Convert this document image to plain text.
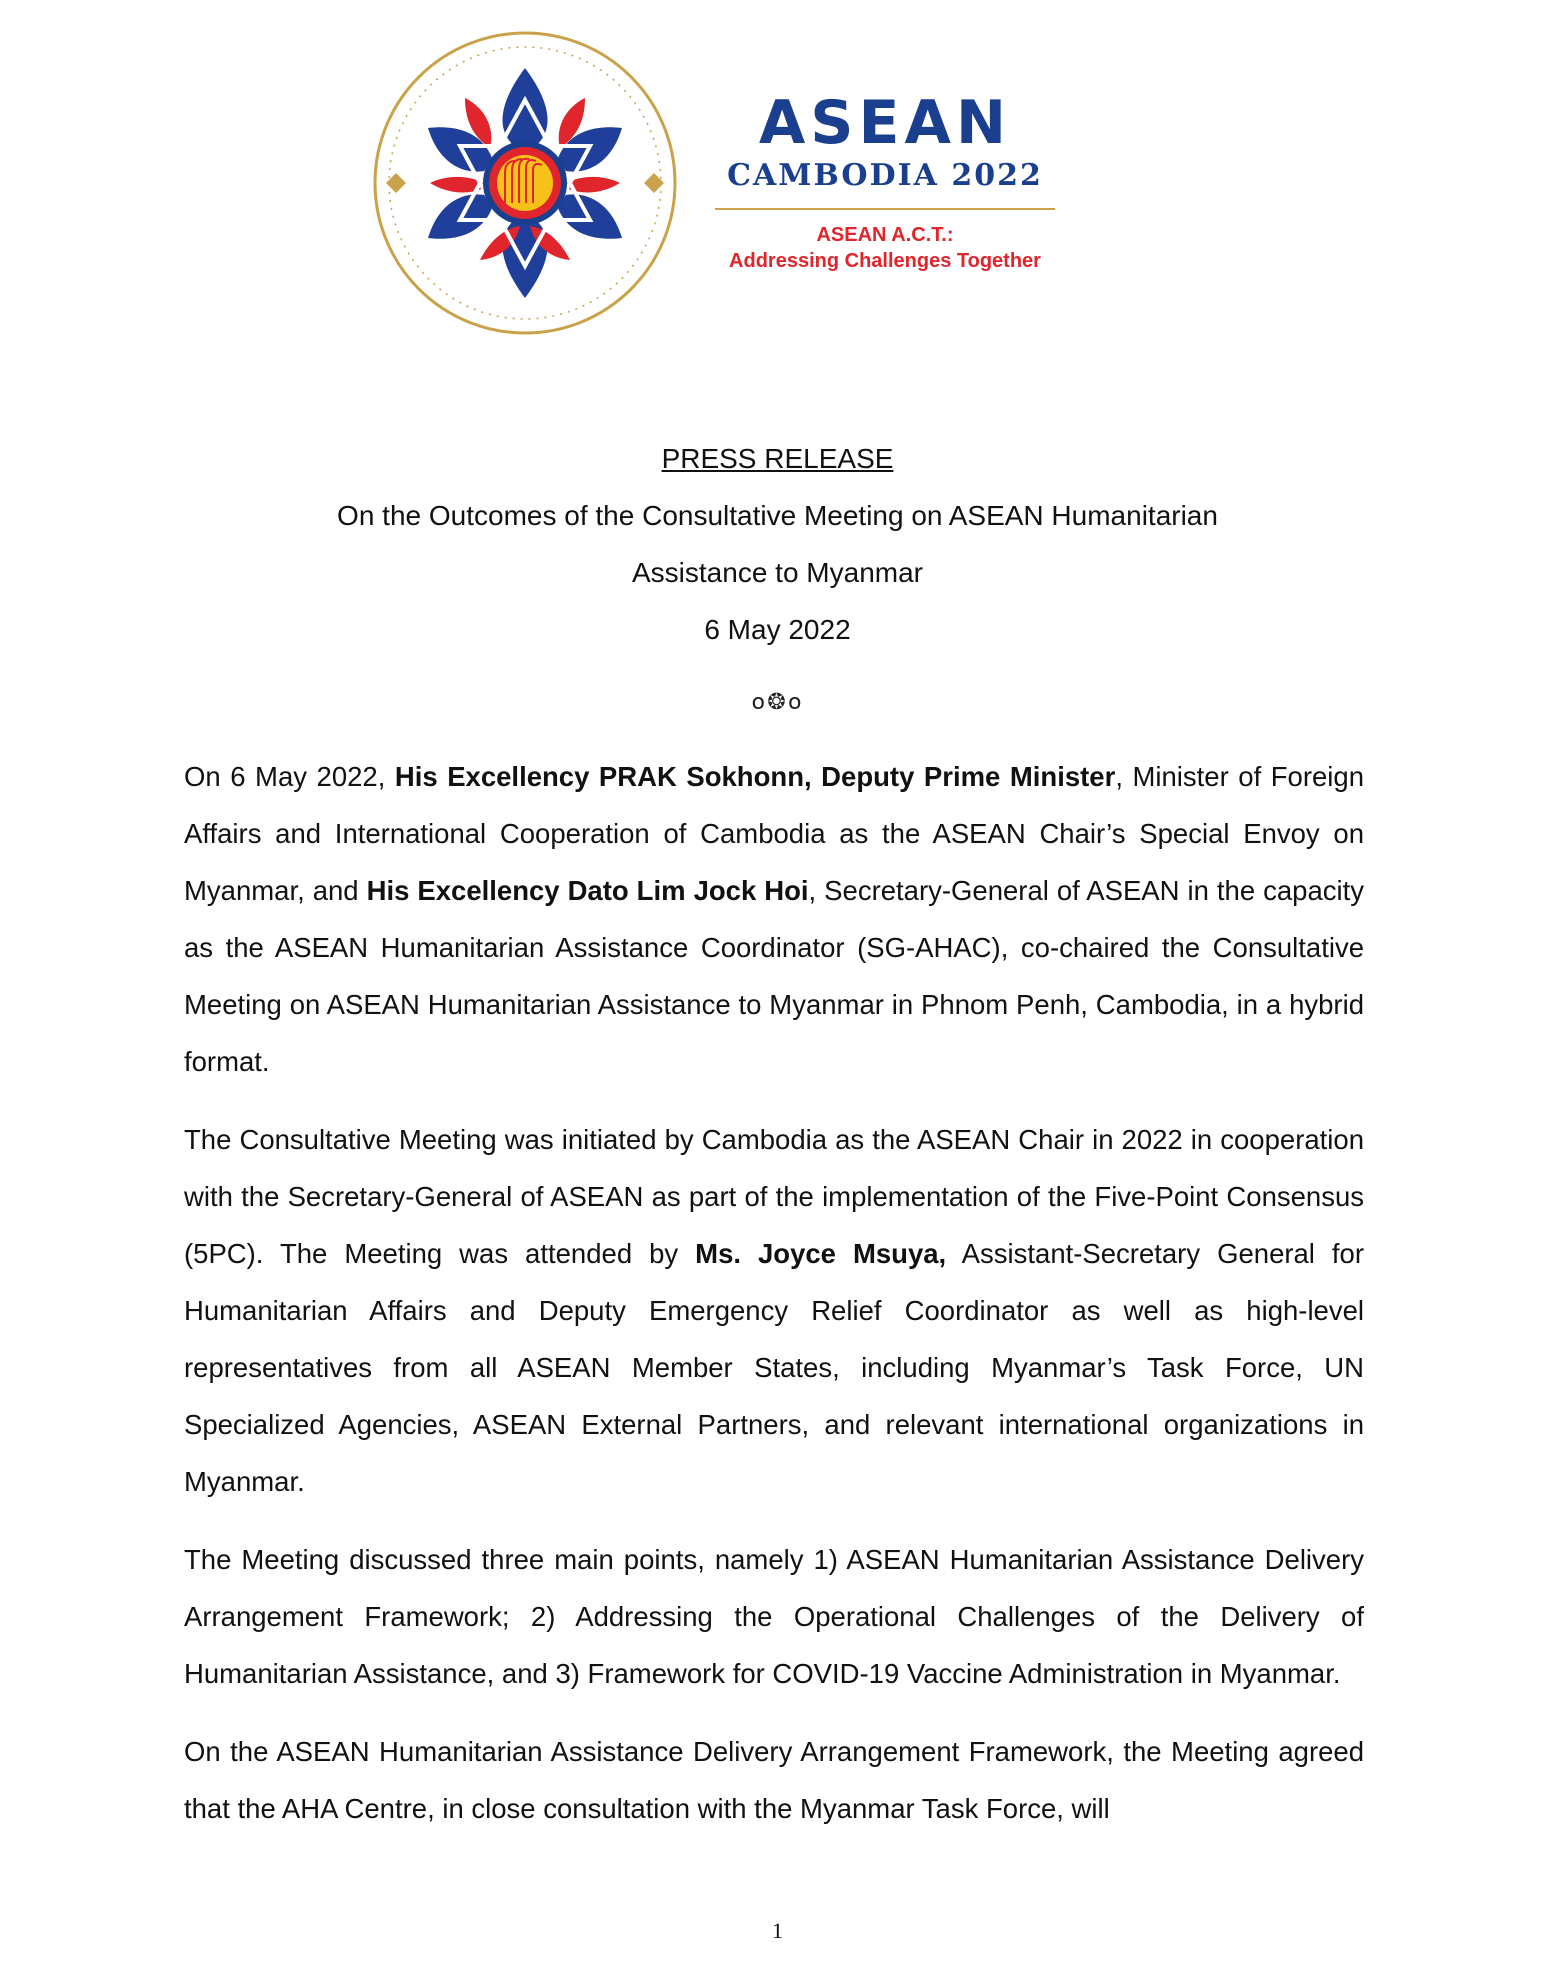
ASEAN
CAMBODIA 2022
ASEAN A.C.T.:
Addressing Challenges Together
PRESS RELEASE
On the Outcomes of the Consultative Meeting on ASEAN Humanitarian
Assistance to Myanmar
6 May 2022
໐❂໐

On 6 May 2022, His Excellency PRAK Sokhonn, Deputy Prime Minister, Minister of Foreign Affairs and International Cooperation of Cambodia as the ASEAN Chair’s Special Envoy on Myanmar, and His Excellency Dato Lim Jock Hoi, Secretary-General of ASEAN in the capacity as the ASEAN Humanitarian Assistance Coordinator (SG-AHAC), co-chaired the Consultative Meeting on ASEAN Humanitarian Assistance to Myanmar in Phnom Penh, Cambodia, in a hybrid format.

The Consultative Meeting was initiated by Cambodia as the ASEAN Chair in 2022 in cooperation with the Secretary-General of ASEAN as part of the implementation of the Five-Point Consensus (5PC). The Meeting was attended by Ms. Joyce Msuya, Assistant-Secretary General for Humanitarian Affairs and Deputy Emergency Relief Coordinator as well as high-level representatives from all ASEAN Member States, including Myanmar’s Task Force, UN Specialized Agencies, ASEAN External Partners, and relevant international organizations in Myanmar.

The Meeting discussed three main points, namely 1) ASEAN Humanitarian Assistance Delivery Arrangement Framework; 2) Addressing the Operational Challenges of the Delivery of Humanitarian Assistance, and 3) Framework for COVID-19 Vaccine Administration in Myanmar.

On the ASEAN Humanitarian Assistance Delivery Arrangement Framework, the Meeting agreed that the AHA Centre, in close consultation with the Myanmar Task Force, will

1
